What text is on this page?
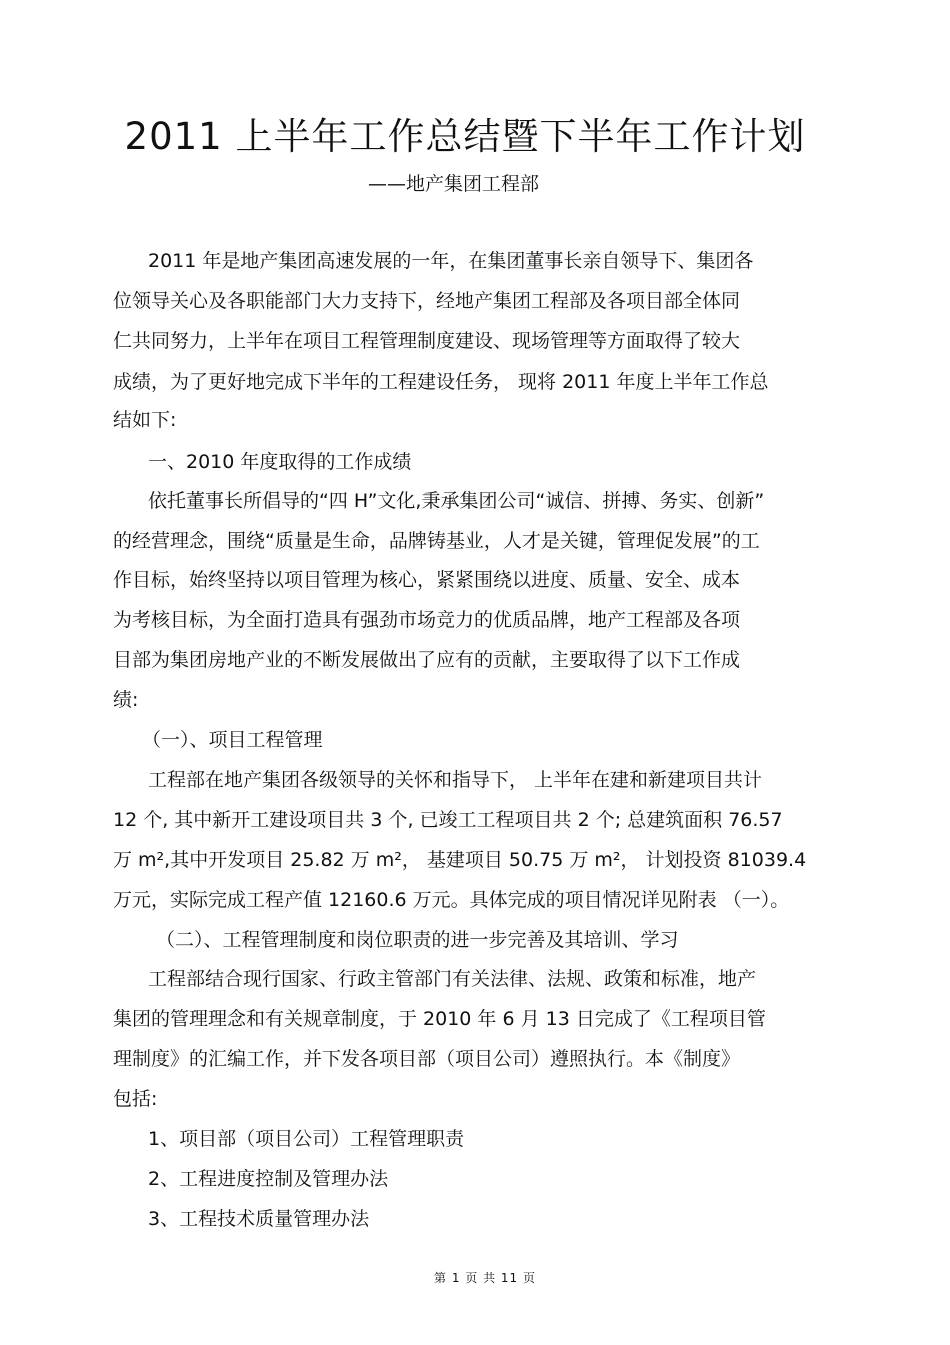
2011 上半年工作总结暨下半年工作计划
——地产集团工程部
2011 年是地产集团高速发展的一年，在集团董事长亲自领导下、集团各
位领导关心及各职能部门大力支持下，经地产集团工程部及各项目部全体同
仁共同努力，上半年在项目工程管理制度建设、现场管理等方面取得了较大
成绩，为了更好地完成下半年的工程建设任务， 现将 2011 年度上半年工作总
结如下:
一、2010 年度取得的工作成绩
依托董事长所倡导的“四 H”文化,秉承集团公司“诚信、拼搏、务实、创新”
的经营理念，围绕“质量是生命，品牌铸基业，人才是关键，管理促发展”的工
作目标，始终坚持以项目管理为核心，紧紧围绕以进度、质量、安全、成本
为考核目标，为全面打造具有强劲市场竞力的优质品牌，地产工程部及各项
目部为集团房地产业的不断发展做出了应有的贡献，主要取得了以下工作成
绩:
（一）、项目工程管理
工程部在地产集团各级领导的关怀和指导下， 上半年在建和新建项目共计
12 个, 其中新开工建设项目共 3 个, 已竣工工程项目共 2 个; 总建筑面积 76.57
万 m²,其中开发项目 25.82 万 m²， 基建项目 50.75 万 m²， 计划投资 81039.4
万元，实际完成工程产值 12160.6 万元。具体完成的项目情况详见附表 （一）。
（二）、工程管理制度和岗位职责的进一步完善及其培训、学习
工程部结合现行国家、行政主管部门有关法律、法规、政策和标准，地产
集团的管理理念和有关规章制度，于 2010 年 6 月 13 日完成了《工程项目管
理制度》的汇编工作，并下发各项目部（项目公司）遵照执行。本《制度》
包括:
1、项目部（项目公司）工程管理职责
2、工程进度控制及管理办法
3、工程技术质量管理办法
第 1 页 共 11 页
